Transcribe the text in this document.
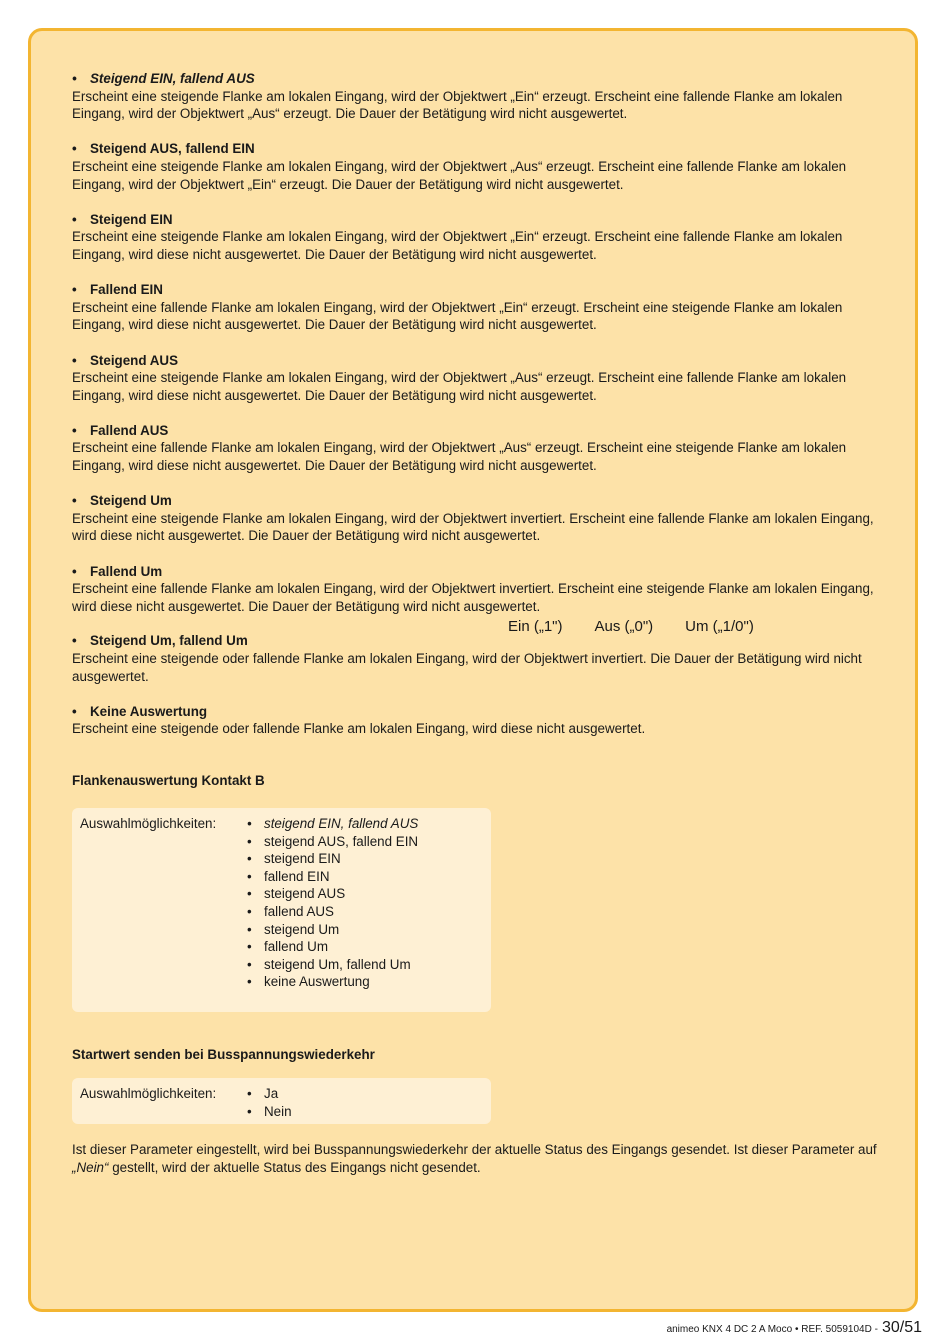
• Steigend EIN, fallend AUS
Erscheint eine steigende Flanke am lokalen Eingang, wird der Objektwert „Ein“ erzeugt. Erscheint eine fallende Flanke am lokalen Eingang, wird der Objektwert „Aus“ erzeugt. Die Dauer der Betätigung wird nicht ausgewertet.
• Steigend AUS, fallend EIN
Erscheint eine steigende Flanke am lokalen Eingang, wird der Objektwert „Aus“ erzeugt. Erscheint eine fallende Flanke am lokalen Eingang, wird der Objektwert „Ein“ erzeugt. Die Dauer der Betätigung wird nicht ausgewertet.
• Steigend EIN
Erscheint eine steigende Flanke am lokalen Eingang, wird der Objektwert „Ein“ erzeugt. Erscheint eine fallende Flanke am lokalen Eingang, wird diese nicht ausgewertet. Die Dauer der Betätigung wird nicht ausgewertet.
• Fallend EIN
Erscheint eine fallende Flanke am lokalen Eingang, wird der Objektwert „Ein“ erzeugt. Erscheint eine steigende Flanke am lokalen Eingang, wird diese nicht ausgewertet. Die Dauer der Betätigung wird nicht ausgewertet.
• Steigend AUS
Erscheint eine steigende Flanke am lokalen Eingang, wird der Objektwert „Aus“ erzeugt. Erscheint eine fallende Flanke am lokalen Eingang, wird diese nicht ausgewertet. Die Dauer der Betätigung wird nicht ausgewertet.
• Fallend AUS
Erscheint eine fallende Flanke am lokalen Eingang, wird der Objektwert „Aus“ erzeugt. Erscheint eine steigende Flanke am lokalen Eingang, wird diese nicht ausgewertet. Die Dauer der Betätigung wird nicht ausgewertet.
• Steigend Um
Erscheint eine steigende Flanke am lokalen Eingang, wird der Objektwert invertiert. Erscheint eine fallende Flanke am lokalen Eingang, wird diese nicht ausgewertet. Die Dauer der Betätigung wird nicht ausgewertet.
• Fallend Um
Erscheint eine fallende Flanke am lokalen Eingang, wird der Objektwert invertiert. Erscheint eine steigende Flanke am lokalen Eingang, wird diese nicht ausgewertet. Die Dauer der Betätigung wird nicht ausgewertet.
• Steigend Um, fallend Um
Erscheint eine steigende oder fallende Flanke am lokalen Eingang, wird der Objektwert invertiert. Die Dauer der Betätigung wird nicht ausgewertet.
• Keine Auswertung
Erscheint eine steigende oder fallende Flanke am lokalen Eingang, wird diese nicht ausgewertet.
Ein („1") Aus („0") Um („1/0")
Flankenauswertung Kontakt B
Auswahlmöglichkeiten:	• steigend EIN, fallend AUS
• steigend AUS, fallend EIN
• steigend EIN
• fallend EIN
• steigend AUS
• fallend AUS
• steigend Um
• fallend Um
• steigend Um, fallend Um
• keine Auswertung
Startwert senden bei Busspannungswiederkehr
Auswahlmöglichkeiten:	• Ja
• Nein
Ist dieser Parameter eingestellt, wird bei Busspannungswiederkehr der aktuelle Status des Eingangs gesendet. Ist dieser Parameter auf „Nein“ gestellt, wird der aktuelle Status des Eingangs nicht gesendet.
animeo KNX 4 DC 2 A Moco • REF. 5059104D - 30/51
